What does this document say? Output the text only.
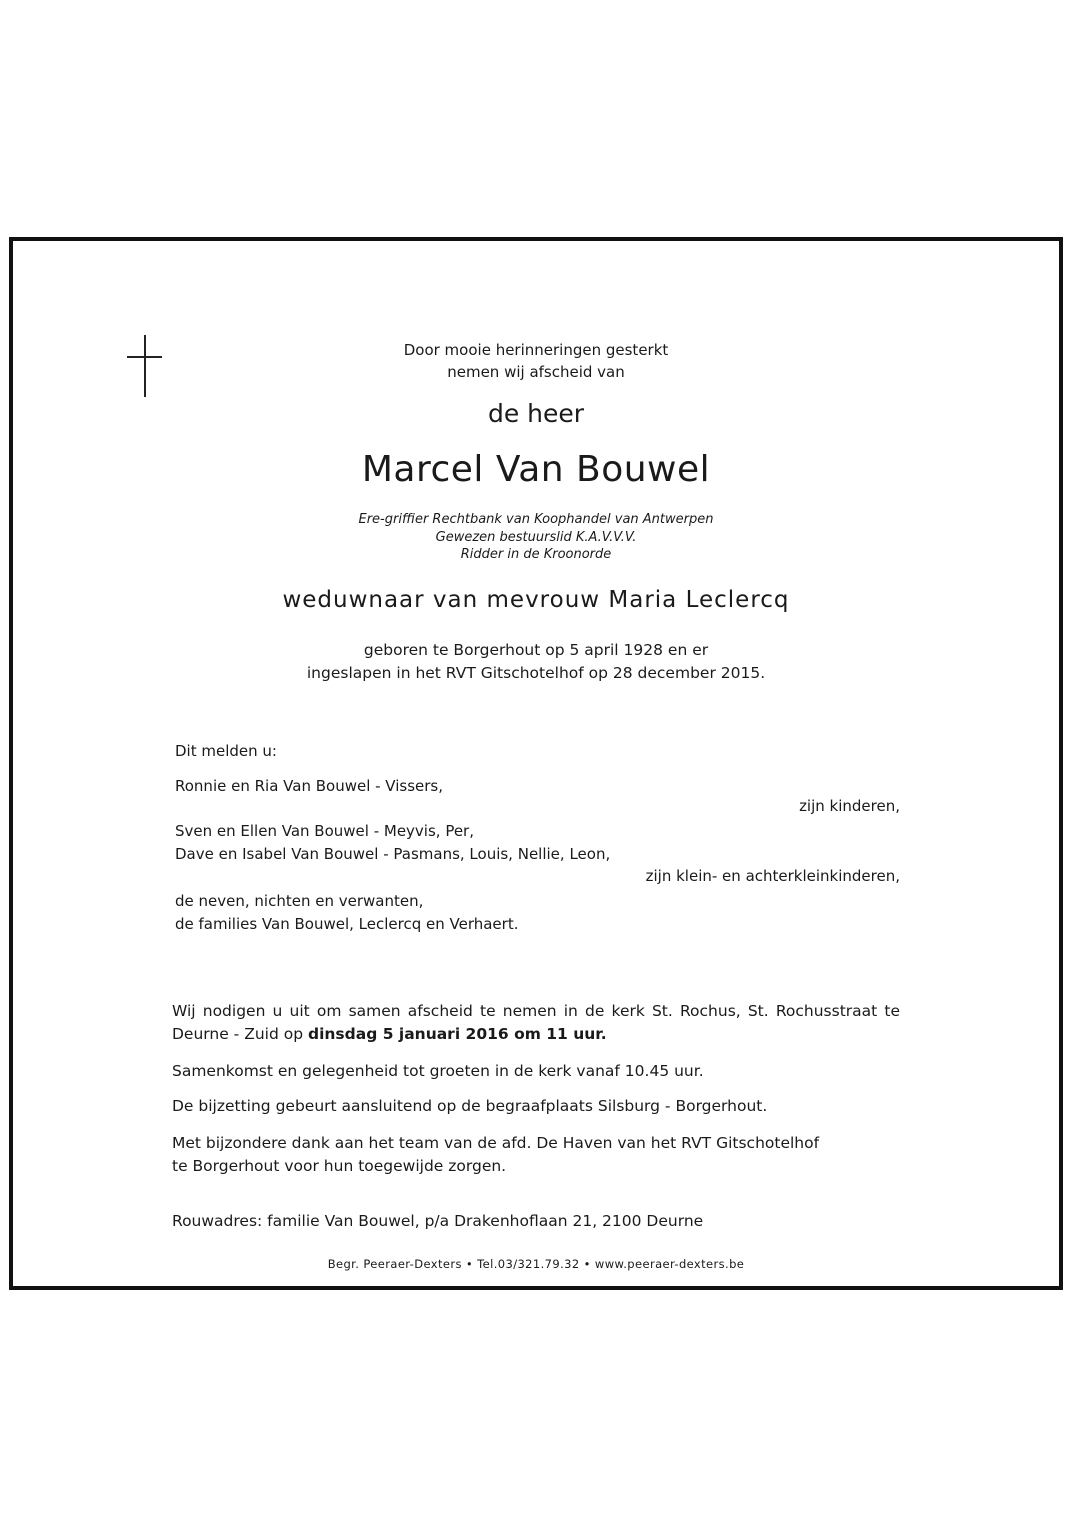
Door mooie herinneringen gesterkt
nemen wij afscheid van
de heer
Marcel Van Bouwel
Ere-griffier Rechtbank van Koophandel van Antwerpen
Gewezen bestuurslid K.A.V.V.V.
Ridder in de Kroonorde
weduwnaar van mevrouw Maria Leclercq
geboren te Borgerhout op 5 april 1928 en er
ingeslapen in het RVT Gitschotelhof op 28 december 2015.
Dit melden u:
Ronnie en Ria Van Bouwel - Vissers,
zijn kinderen,
Sven en Ellen Van Bouwel - Meyvis, Per,
Dave en Isabel Van Bouwel - Pasmans, Louis, Nellie, Leon,
zijn klein- en achterkleinkinderen,
de neven, nichten en verwanten,
de families Van Bouwel, Leclercq en Verhaert.
Wij nodigen u uit om samen afscheid te nemen in de kerk St. Rochus, St. Rochusstraat te Deurne - Zuid op dinsdag 5 januari 2016 om 11 uur.
Samenkomst en gelegenheid tot groeten in de kerk vanaf 10.45 uur.
De bijzetting gebeurt aansluitend op de begraafplaats Silsburg - Borgerhout.
Met bijzondere dank aan het team van de afd. De Haven van het RVT Gitschotelhof
te Borgerhout voor hun toegewijde zorgen.
Rouwadres: familie Van Bouwel, p/a Drakenhoflaan 21, 2100 Deurne
Begr. Peeraer-Dexters • Tel.03/321.79.32 • www.peeraer-dexters.be
